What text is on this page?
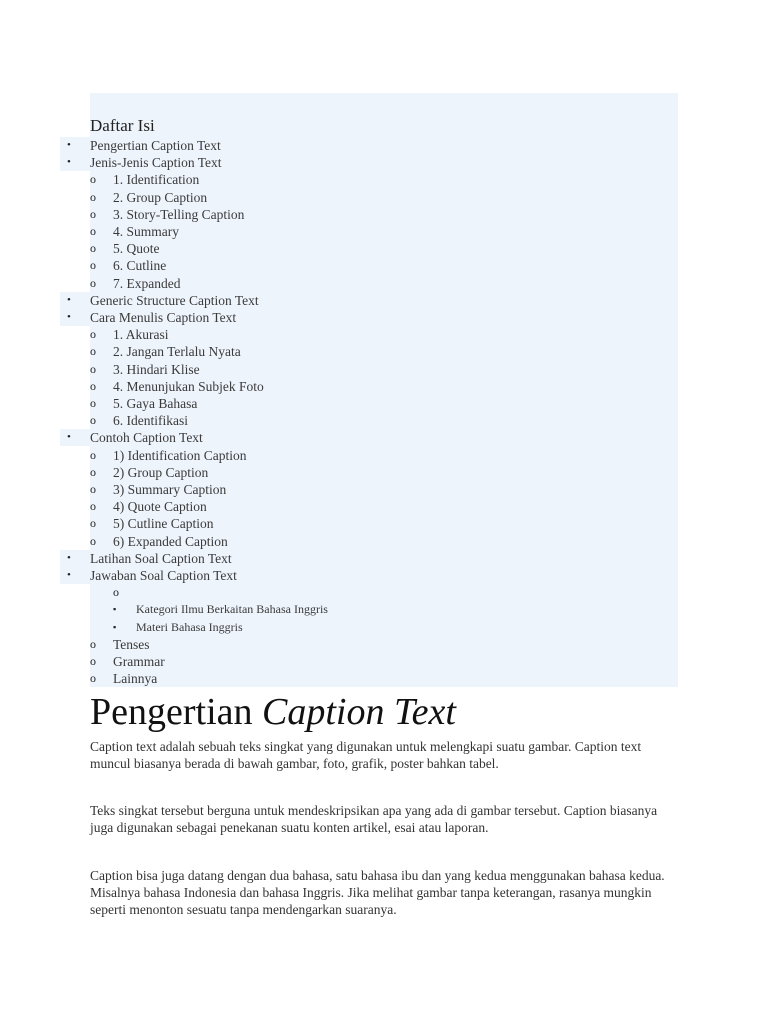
Daftar Isi
• Pengertian Caption Text
• Jenis-Jenis Caption Text
o 1. Identification
o 2. Group Caption
o 3. Story-Telling Caption
o 4. Summary
o 5. Quote
o 6. Cutline
o 7. Expanded
• Generic Structure Caption Text
• Cara Menulis Caption Text
o 1. Akurasi
o 2. Jangan Terlalu Nyata
o 3. Hindari Klise
o 4. Menunjukan Subjek Foto
o 5. Gaya Bahasa
o 6. Identifikasi
• Contoh Caption Text
o 1) Identification Caption
o 2) Group Caption
o 3) Summary Caption
o 4) Quote Caption
o 5) Cutline Caption
o 6) Expanded Caption
• Latihan Soal Caption Text
• Jawaban Soal Caption Text
o
▪ Kategori Ilmu Berkaitan Bahasa Inggris
▪ Materi Bahasa Inggris
o Tenses
o Grammar
o Lainnya
Pengertian Caption Text

Caption text adalah sebuah teks singkat yang digunakan untuk melengkapi suatu gambar. Caption text muncul biasanya berada di bawah gambar, foto, grafik, poster bahkan tabel.

Teks singkat tersebut berguna untuk mendeskripsikan apa yang ada di gambar tersebut. Caption biasanya juga digunakan sebagai penekanan suatu konten artikel, esai atau laporan.

Caption bisa juga datang dengan dua bahasa, satu bahasa ibu dan yang kedua menggunakan bahasa kedua. Misalnya bahasa Indonesia dan bahasa Inggris. Jika melihat gambar tanpa keterangan, rasanya mungkin seperti menonton sesuatu tanpa mendengarkan suaranya.
